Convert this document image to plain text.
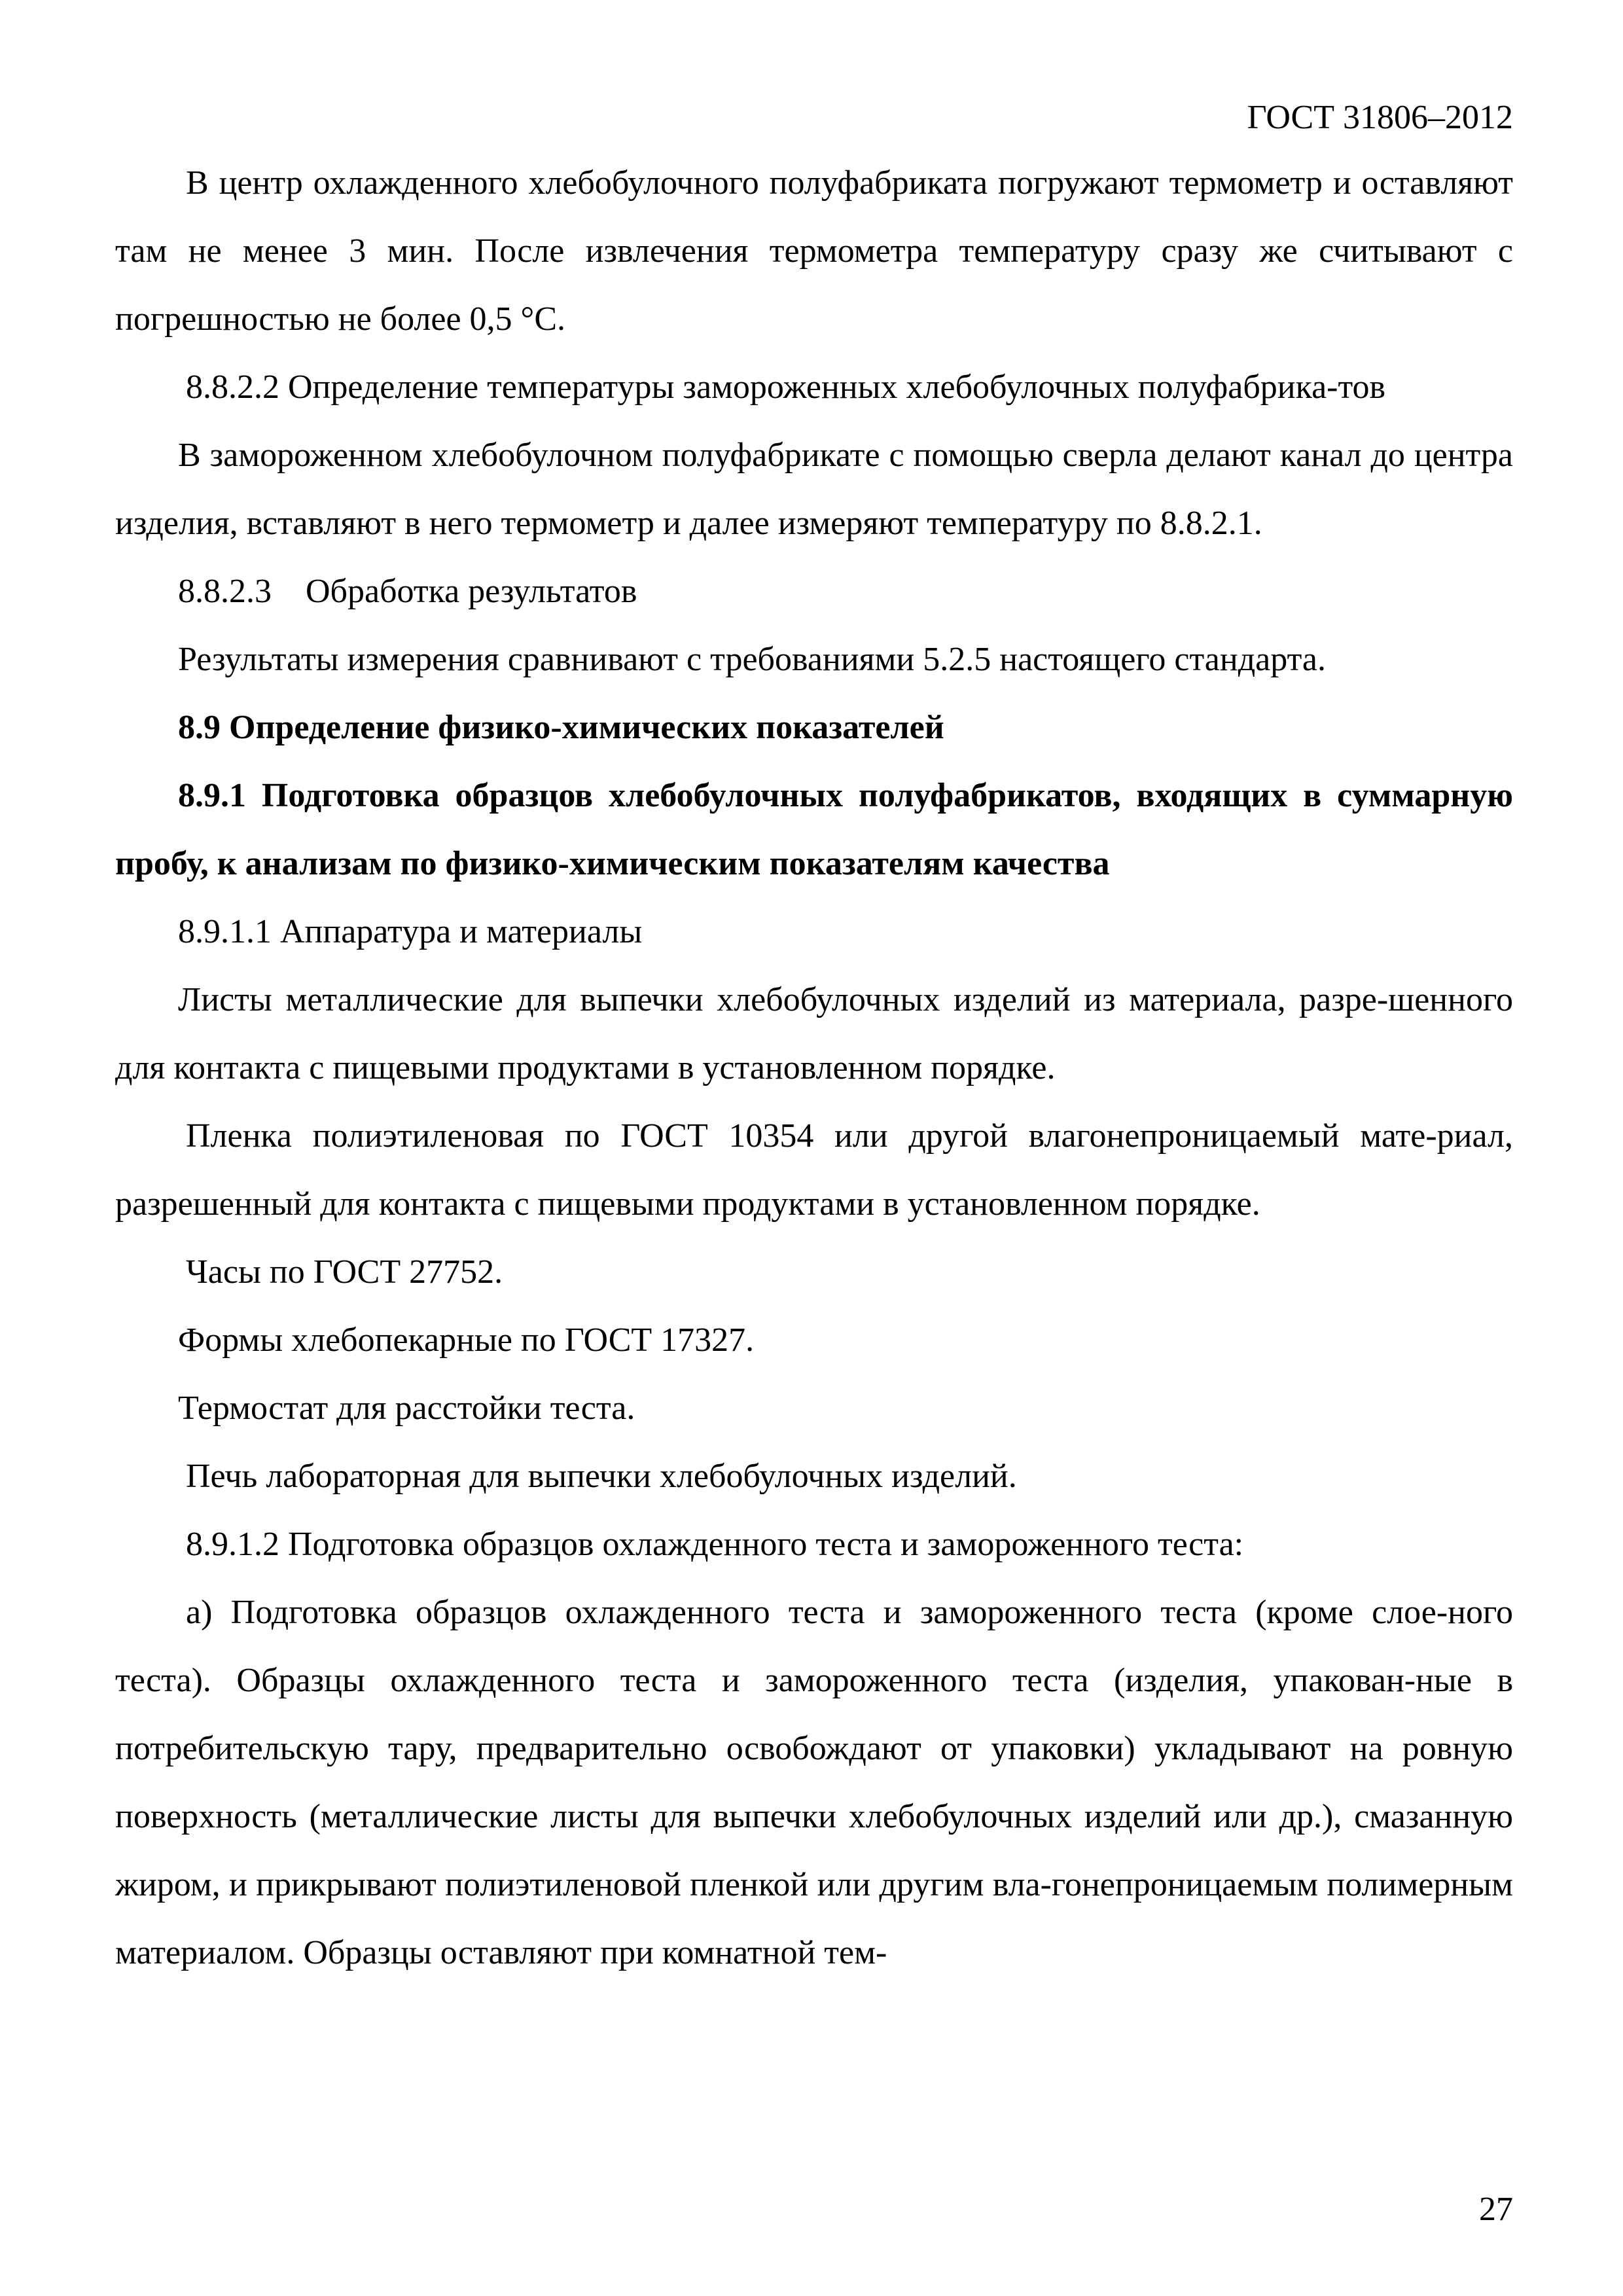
ГОСТ 31806–2012

В центр охлажденного хлебобулочного полуфабриката погружают термометр и оставляют там не менее 3 мин. После извлечения термометра температуру сразу же считывают с погрешностью не более 0,5 °С.

8.8.2.2 Определение температуры замороженных хлебобулочных полуфабрика-тов

В замороженном хлебобулочном полуфабрикате с помощью сверла делают канал до центра изделия, вставляют в него термометр и далее измеряют температуру по 8.8.2.1.

8.8.2.3 Обработка результатов

Результаты измерения сравнивают с требованиями 5.2.5 настоящего стандарта.

8.9 Определение физико-химических показателей

8.9.1 Подготовка образцов хлебобулочных полуфабрикатов, входящих в суммарную пробу, к анализам по физико-химическим показателям качества

8.9.1.1 Аппаратура и материалы

Листы металлические для выпечки хлебобулочных изделий из материала, разре-шенного для контакта с пищевыми продуктами в установленном порядке.

Пленка полиэтиленовая по ГОСТ 10354 или другой влагонепроницаемый мате-риал, разрешенный для контакта с пищевыми продуктами в установленном порядке.

Часы по ГОСТ 27752.

Формы хлебопекарные по ГОСТ 17327.

Термостат для расстойки теста.

Печь лабораторная для выпечки хлебобулочных изделий.

8.9.1.2 Подготовка образцов охлажденного теста и замороженного теста:

а) Подготовка образцов охлажденного теста и замороженного теста (кроме слое-ного теста). Образцы охлажденного теста и замороженного теста (изделия, упакован-ные в потребительскую тару, предварительно освобождают от упаковки) укладывают на ровную поверхность (металлические листы для выпечки хлебобулочных изделий или др.), смазанную жиром, и прикрывают полиэтиленовой пленкой или другим вла-гонепроницаемым полимерным материалом. Образцы оставляют при комнатной тем-

27
